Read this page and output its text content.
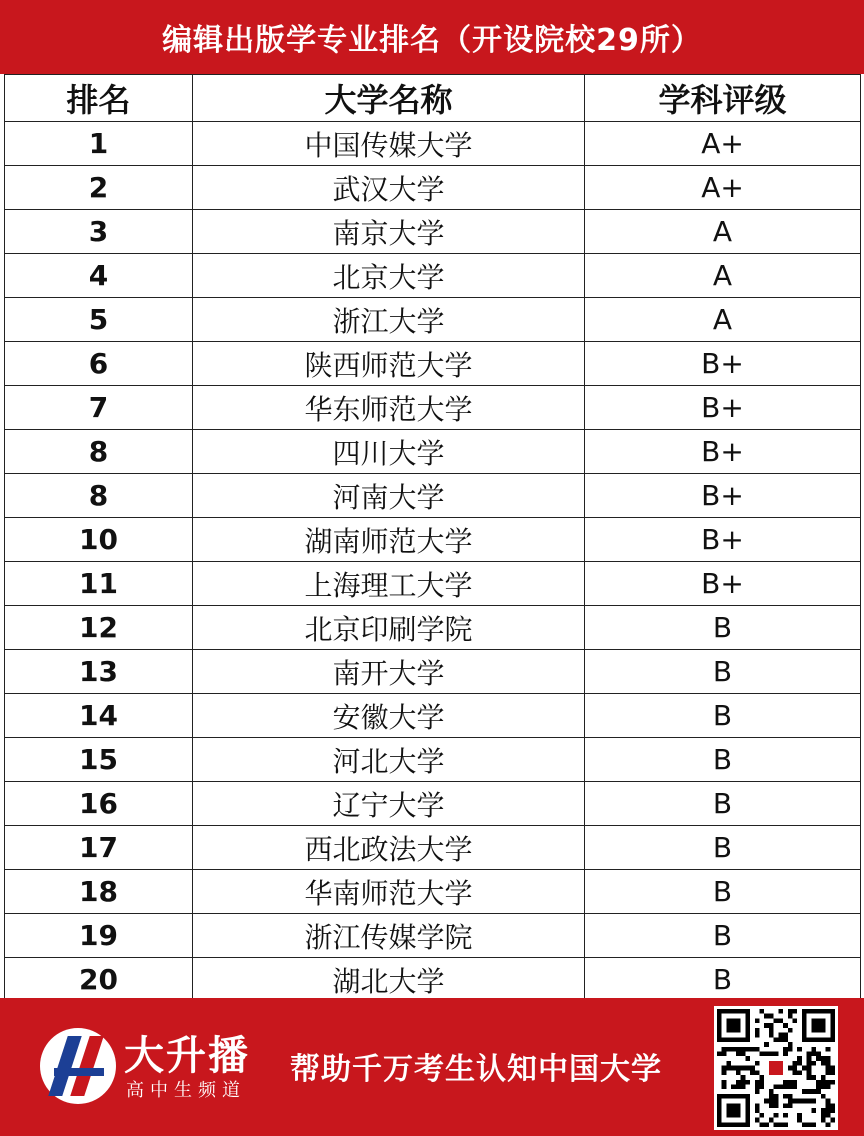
编辑出版学专业排名（开设院校29所）
排名	大学名称	学科评级
1	中国传媒大学	A+
2	武汉大学	A+
3	南京大学	A
4	北京大学	A
5	浙江大学	A
6	陕西师范大学	B+
7	华东师范大学	B+
8	四川大学	B+
8	河南大学	B+
10	湖南师范大学	B+
11	上海理工大学	B+
12	北京印刷学院	B
13	南开大学	B
14	安徽大学	B
15	河北大学	B
16	辽宁大学	B
17	西北政法大学	B
18	华南师范大学	B
19	浙江传媒学院	B
20	湖北大学	B
大升播
高中生频道
帮助千万考生认知中国大学
